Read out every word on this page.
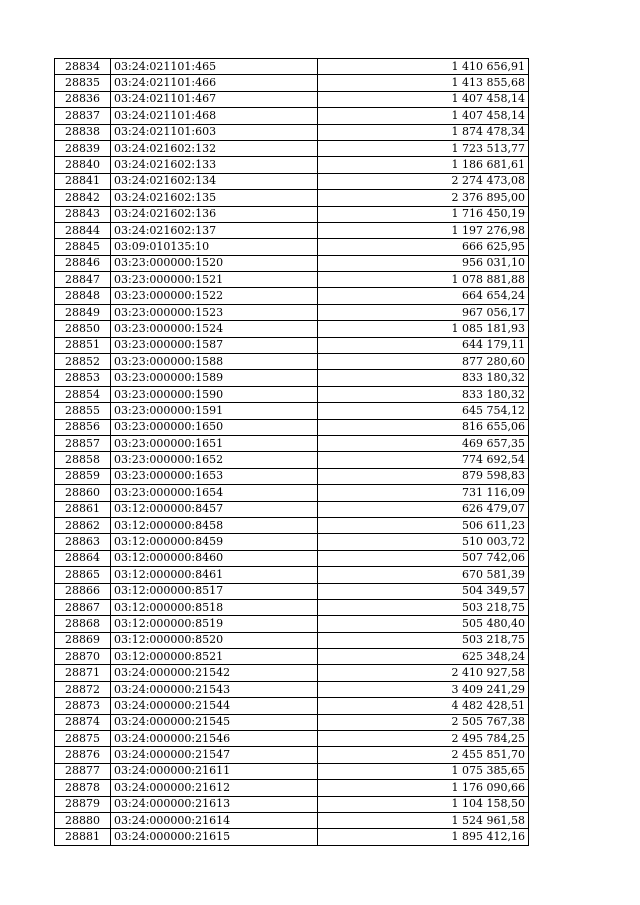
28834	03:24:021101:465	1 410 656,91
28835	03:24:021101:466	1 413 855,68
28836	03:24:021101:467	1 407 458,14
28837	03:24:021101:468	1 407 458,14
28838	03:24:021101:603	1 874 478,34
28839	03:24:021602:132	1 723 513,77
28840	03:24:021602:133	1 186 681,61
28841	03:24:021602:134	2 274 473,08
28842	03:24:021602:135	2 376 895,00
28843	03:24:021602:136	1 716 450,19
28844	03:24:021602:137	1 197 276,98
28845	03:09:010135:10	666 625,95
28846	03:23:000000:1520	956 031,10
28847	03:23:000000:1521	1 078 881,88
28848	03:23:000000:1522	664 654,24
28849	03:23:000000:1523	967 056,17
28850	03:23:000000:1524	1 085 181,93
28851	03:23:000000:1587	644 179,11
28852	03:23:000000:1588	877 280,60
28853	03:23:000000:1589	833 180,32
28854	03:23:000000:1590	833 180,32
28855	03:23:000000:1591	645 754,12
28856	03:23:000000:1650	816 655,06
28857	03:23:000000:1651	469 657,35
28858	03:23:000000:1652	774 692,54
28859	03:23:000000:1653	879 598,83
28860	03:23:000000:1654	731 116,09
28861	03:12:000000:8457	626 479,07
28862	03:12:000000:8458	506 611,23
28863	03:12:000000:8459	510 003,72
28864	03:12:000000:8460	507 742,06
28865	03:12:000000:8461	670 581,39
28866	03:12:000000:8517	504 349,57
28867	03:12:000000:8518	503 218,75
28868	03:12:000000:8519	505 480,40
28869	03:12:000000:8520	503 218,75
28870	03:12:000000:8521	625 348,24
28871	03:24:000000:21542	2 410 927,58
28872	03:24:000000:21543	3 409 241,29
28873	03:24:000000:21544	4 482 428,51
28874	03:24:000000:21545	2 505 767,38
28875	03:24:000000:21546	2 495 784,25
28876	03:24:000000:21547	2 455 851,70
28877	03:24:000000:21611	1 075 385,65
28878	03:24:000000:21612	1 176 090,66
28879	03:24:000000:21613	1 104 158,50
28880	03:24:000000:21614	1 524 961,58
28881	03:24:000000:21615	1 895 412,16
